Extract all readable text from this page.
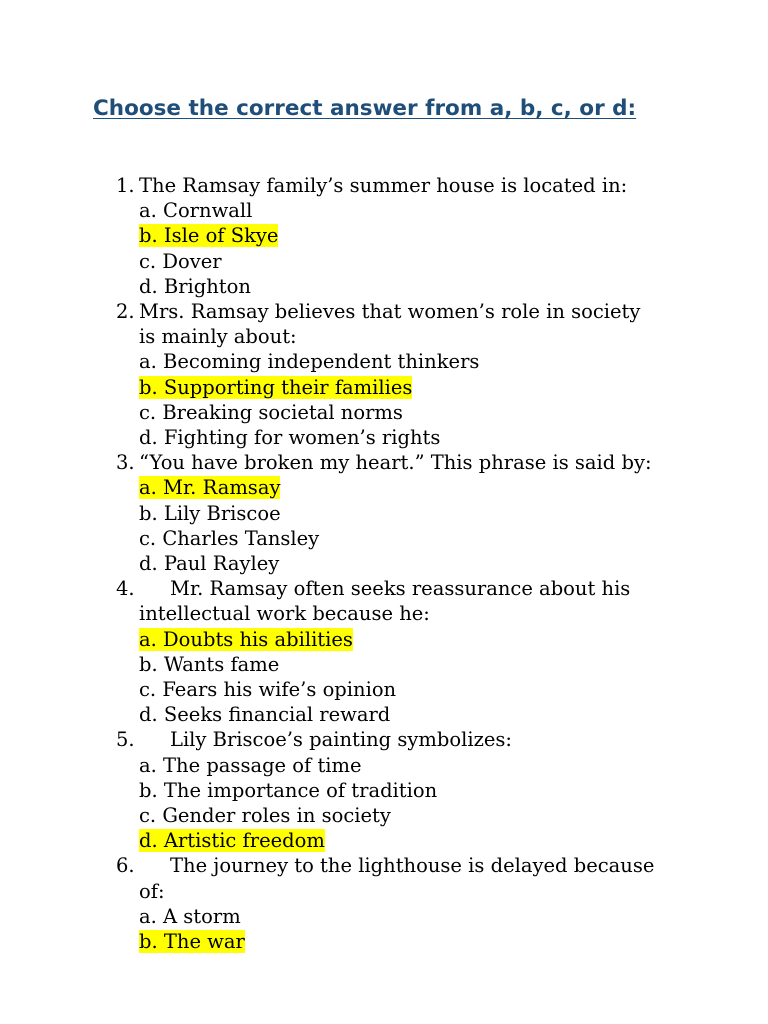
Choose the correct answer from a, b, c, or d:
1. The Ramsay family’s summer house is located in:
a. Cornwall
b. Isle of Skye
c. Dover
d. Brighton
2. Mrs. Ramsay believes that women’s role in society is mainly about:
a. Becoming independent thinkers
b. Supporting their families
c. Breaking societal norms
d. Fighting for women’s rights
3. “You have broken my heart.” This phrase is said by:
a. Mr. Ramsay
b. Lily Briscoe
c. Charles Tansley
d. Paul Rayley
4.	Mr. Ramsay often seeks reassurance about his intellectual work because he:
a. Doubts his abilities
b. Wants fame
c. Fears his wife’s opinion
d. Seeks financial reward
5.	Lily Briscoe’s painting symbolizes:
a. The passage of time
b. The importance of tradition
c. Gender roles in society
d. Artistic freedom
6.	The journey to the lighthouse is delayed because of:
a. A storm
b. The war
